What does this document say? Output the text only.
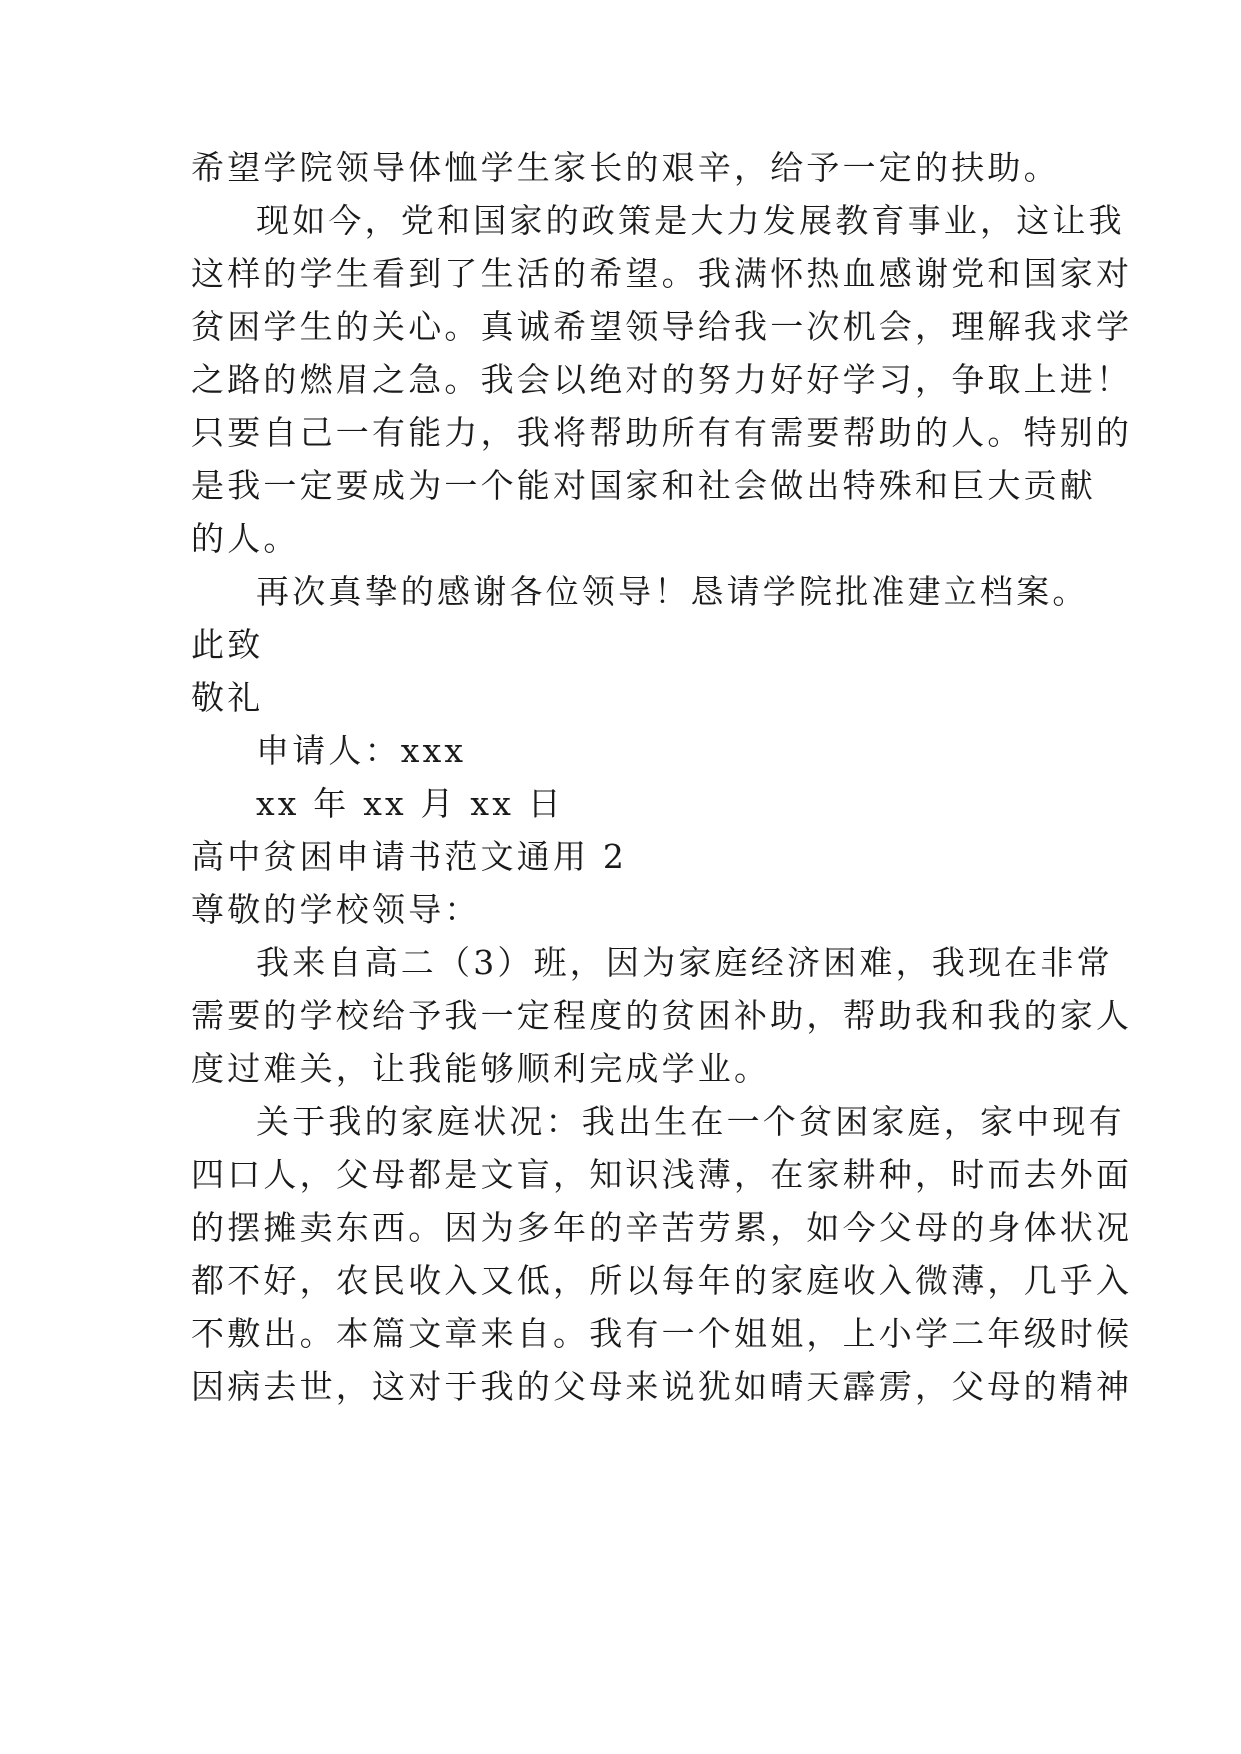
希望学院领导体恤学生家长的艰辛，给予一定的扶助。
现如今，党和国家的政策是大力发展教育事业，这让我
这样的学生看到了生活的希望。我满怀热血感谢党和国家对
贫困学生的关心。真诚希望领导给我一次机会，理解我求学
之路的燃眉之急。我会以绝对的努力好好学习，争取上进！
只要自己一有能力，我将帮助所有有需要帮助的人。特别的
是我一定要成为一个能对国家和社会做出特殊和巨大贡献
的人。
再次真挚的感谢各位领导！恳请学院批准建立档案。
此致
敬礼
申请人：xxx
xx 年 xx 月 xx 日
高中贫困申请书范文通用 2
尊敬的学校领导：
我来自高二（3）班，因为家庭经济困难，我现在非常
需要的学校给予我一定程度的贫困补助，帮助我和我的家人
度过难关，让我能够顺利完成学业。
关于我的家庭状况：我出生在一个贫困家庭，家中现有
四口人，父母都是文盲，知识浅薄，在家耕种，时而去外面
的摆摊卖东西。因为多年的辛苦劳累，如今父母的身体状况
都不好，农民收入又低，所以每年的家庭收入微薄，几乎入
不敷出。本篇文章来自。我有一个姐姐，上小学二年级时候
因病去世，这对于我的父母来说犹如晴天霹雳，父母的精神
